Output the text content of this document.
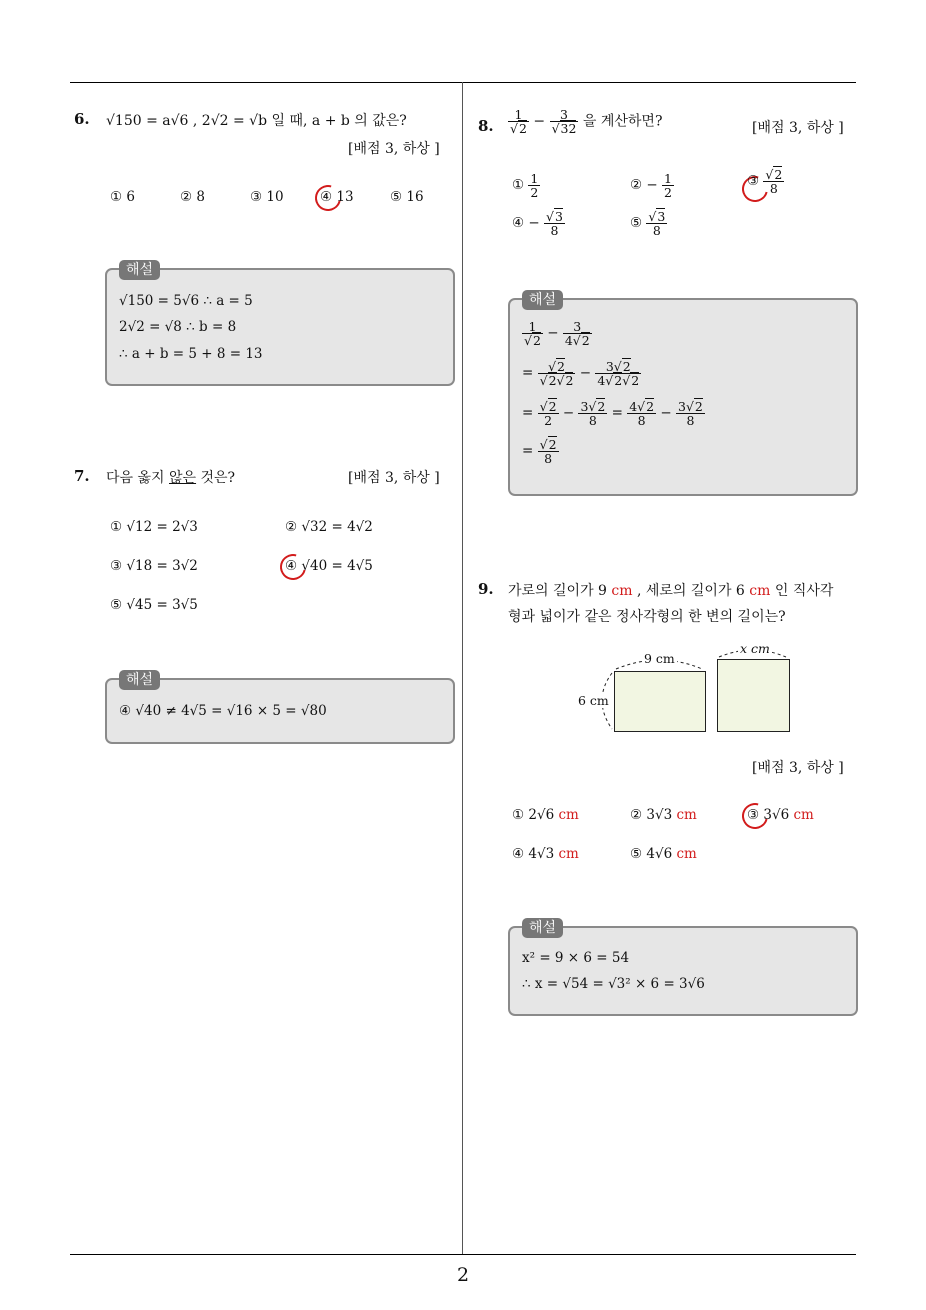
6. √150 = a√6 , 2√2 = √b 일 때, a + b 의 값은?
[배점 3, 하상 ]
① 6	② 8	③ 10	④ 13	⑤ 16
해설
√150 = 5√6 ∴ a = 5
2√2 = √8 ∴ b = 8
∴ a + b = 5 + 8 = 13
7. 다음 옳지 않은 것은?	[배점 3, 하상 ]
① √12 = 2√3	② √32 = 4√2
③ √18 = 3√2	④ √40 = 4√5
⑤ √45 = 3√5
해설
④ √40 ≠ 4√5 = √16 × 5 = √80
8. $\frac{1}{√2} - \frac{3}{√32}$ 을 계산하면?	[배점 3, 하상 ]
① $\frac{1}{2}$	② − $\frac{1}{2}$	③ $\frac{√2}{8}$
④ − $\frac{√3}{8}$	⑤ $\frac{√3}{8}$
해설
$\frac{1}{√2} - \frac{3}{4√2}$
= $\frac{√2}{√2√2} - \frac{3√2}{4√2√2}$
= $\frac{√2}{2} - \frac{3√2}{8} = \frac{4√2}{8} - \frac{3√2}{8}$
= $\frac{√2}{8}$
9. 가로의 길이가 9 cm , 세로의 길이가 6 cm 인 직사각
형과 넓이가 같은 정사각형의 한 변의 길이는?
9 cm
6 cm
x cm
[배점 3, 하상 ]
① 2√6 cm	② 3√3 cm	③ 3√6 cm
④ 4√3 cm	⑤ 4√6 cm
해설
x² = 9 × 6 = 54
∴ x = √54 = √3² × 6 = 3√6
2
